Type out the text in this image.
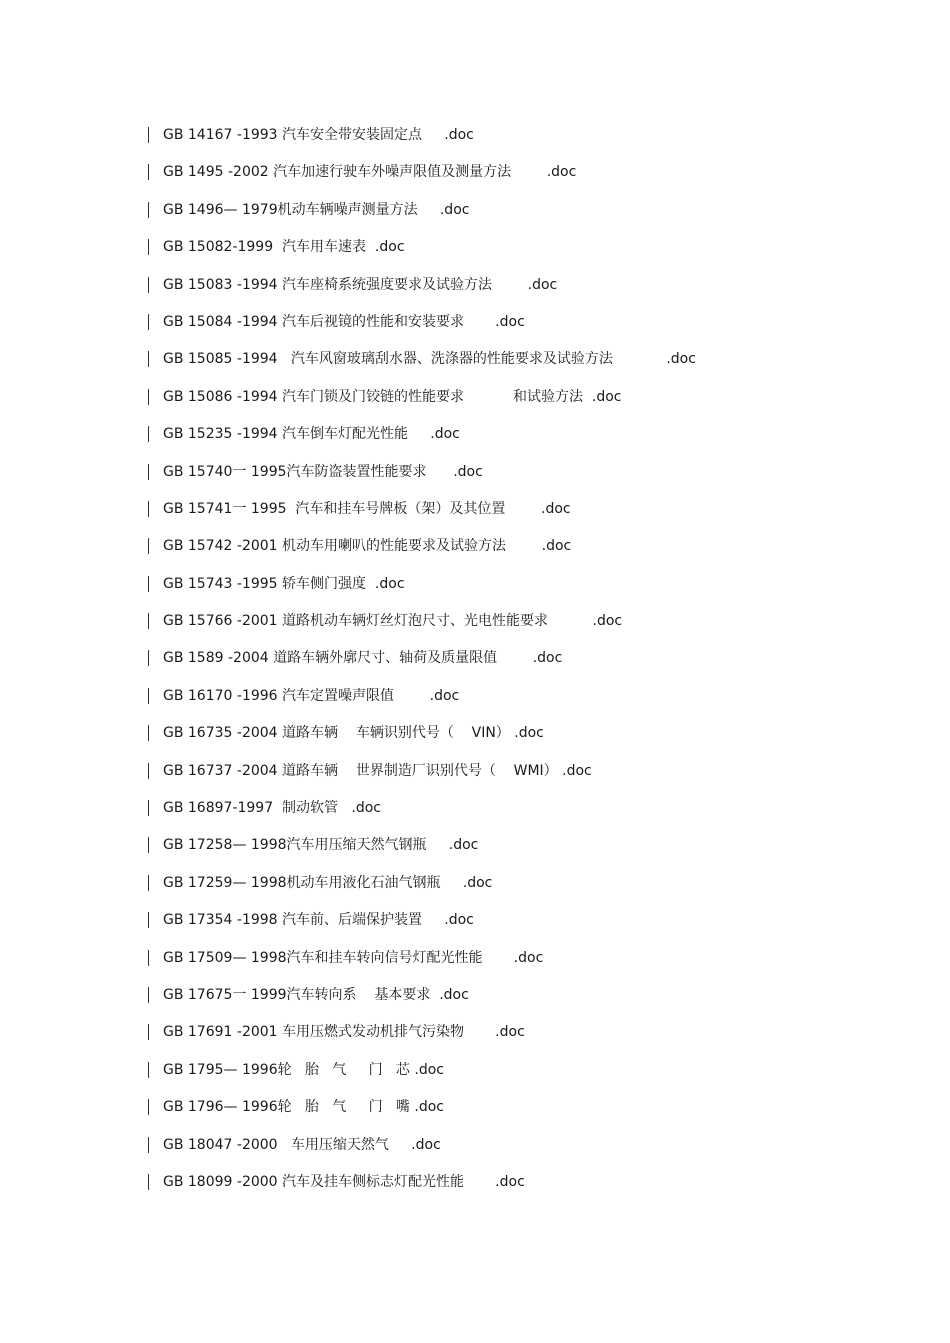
GB 14167 -1993 汽车安全带安装固定点     .doc
GB 1495 -2002 汽车加速行驶车外噪声限值及测量方法        .doc
GB 1496— 1979机动车辆噪声测量方法     .doc
GB 15082-1999  汽车用车速表  .doc
GB 15083 -1994 汽车座椅系统强度要求及试验方法        .doc
GB 15084 -1994 汽车后视镜的性能和安装要求       .doc
GB 15085 -1994   汽车风窗玻璃刮水器、洗涤器的性能要求及试验方法            .doc
GB 15086 -1994 汽车门锁及门铰链的性能要求           和试验方法  .doc
GB 15235 -1994 汽车倒车灯配光性能     .doc
GB 15740一 1995汽车防盗装置性能要求      .doc
GB 15741一 1995  汽车和挂车号牌板（架）及其位置        .doc
GB 15742 -2001 机动车用喇叭的性能要求及试验方法        .doc
GB 15743 -1995 轿车侧门强度  .doc
GB 15766 -2001 道路机动车辆灯丝灯泡尺寸、光电性能要求          .doc
GB 1589 -2004 道路车辆外廓尺寸、轴荷及质量限值        .doc
GB 16170 -1996 汽车定置噪声限值        .doc
GB 16735 -2004 道路车辆    车辆识别代号（    VIN） .doc
GB 16737 -2004 道路车辆    世界制造厂识别代号（    WMI） .doc
GB 16897-1997  制动软管   .doc
GB 17258— 1998汽车用压缩天然气钢瓶     .doc
GB 17259— 1998机动车用液化石油气钢瓶     .doc
GB 17354 -1998 汽车前、后端保护装置     .doc
GB 17509— 1998汽车和挂车转向信号灯配光性能       .doc
GB 17675一 1999汽车转向系    基本要求  .doc
GB 17691 -2001 车用压燃式发动机排气污染物       .doc
GB 1795— 1996轮   胎   气     门   芯 .doc
GB 1796— 1996轮   胎   气     门   嘴 .doc
GB 18047 -2000   车用压缩天然气     .doc
GB 18099 -2000 汽车及挂车侧标志灯配光性能       .doc
